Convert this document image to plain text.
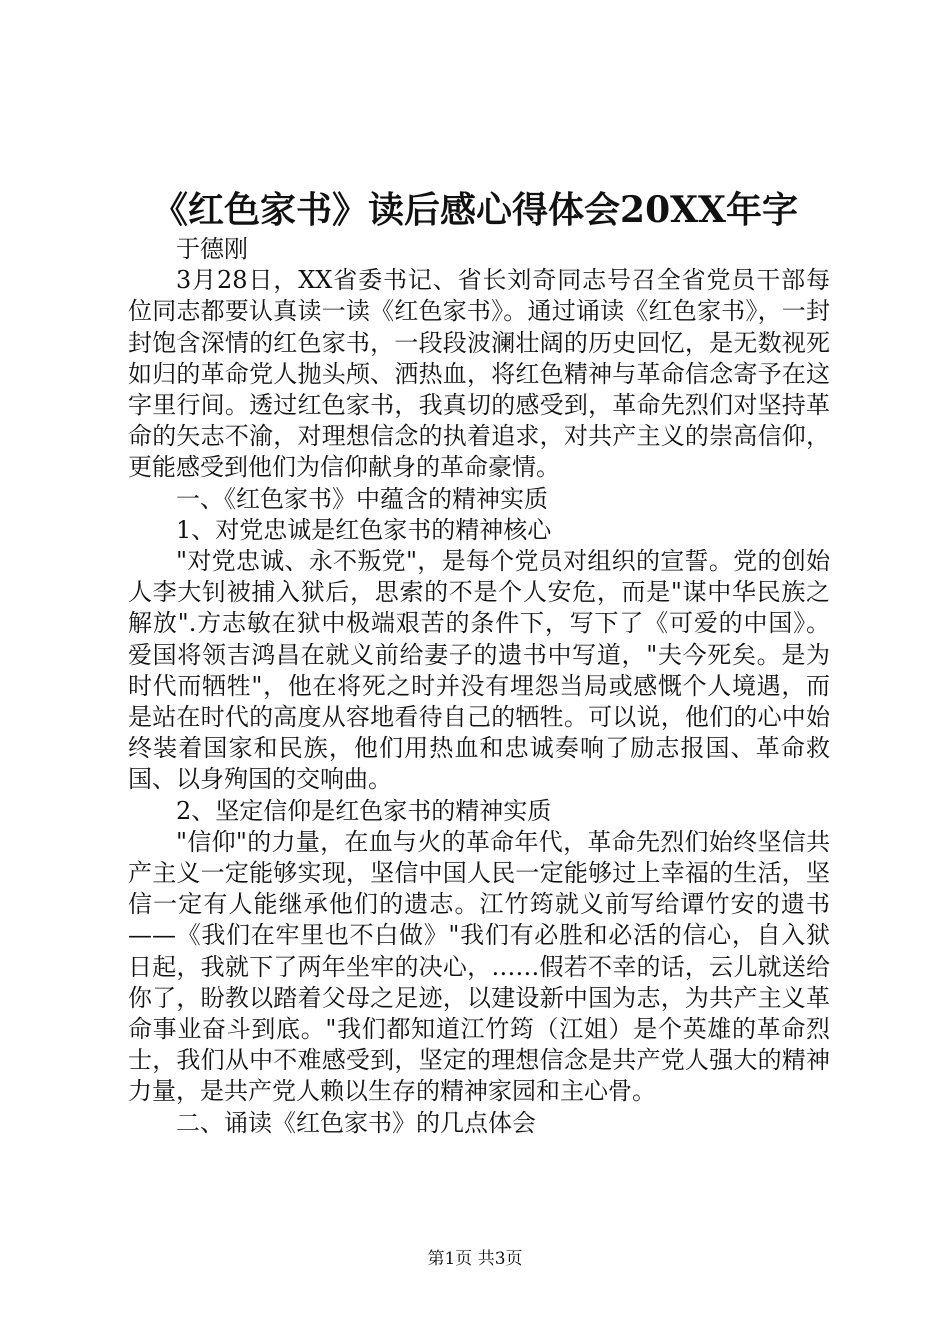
《红色家书》读后感心得体会20XX年字

于德刚

3月28日，XX省委书记、省长刘奇同志号召全省党员干部每位同志都要认真读一读《红色家书》。通过诵读《红色家书》，一封封饱含深情的红色家书，一段段波澜壮阔的历史回忆，是无数视死如归的革命党人抛头颅、洒热血，将红色精神与革命信念寄予在这字里行间。透过红色家书，我真切的感受到，革命先烈们对坚持革命的矢志不渝，对理想信念的执着追求，对共产主义的崇高信仰，更能感受到他们为信仰献身的革命豪情。

一、《红色家书》中蕴含的精神实质

1、对党忠诚是红色家书的精神核心

"对党忠诚、永不叛党"，是每个党员对组织的宣誓。党的创始人李大钊被捕入狱后，思索的不是个人安危，而是"谋中华民族之解放".方志敏在狱中极端艰苦的条件下，写下了《可爱的中国》。爱国将领吉鸿昌在就义前给妻子的遗书中写道，"夫今死矣。是为时代而牺牲"，他在将死之时并没有埋怨当局或感慨个人境遇，而是站在时代的高度从容地看待自己的牺牲。可以说，他们的心中始终装着国家和民族，他们用热血和忠诚奏响了励志报国、革命救国、以身殉国的交响曲。

2、坚定信仰是红色家书的精神实质

"信仰"的力量，在血与火的革命年代，革命先烈们始终坚信共产主义一定能够实现，坚信中国人民一定能够过上幸福的生活，坚信一定有人能继承他们的遗志。江竹筠就义前写给谭竹安的遗书——《我们在牢里也不白做》"我们有必胜和必活的信心，自入狱日起，我就下了两年坐牢的决心，……假若不幸的话，云儿就送给你了，盼教以踏着父母之足迹，以建设新中国为志，为共产主义革命事业奋斗到底。"我们都知道江竹筠（江姐）是个英雄的革命烈士，我们从中不难感受到，坚定的理想信念是共产党人强大的精神力量，是共产党人赖以生存的精神家园和主心骨。

二、诵读《红色家书》的几点体会

第1页 共3页
